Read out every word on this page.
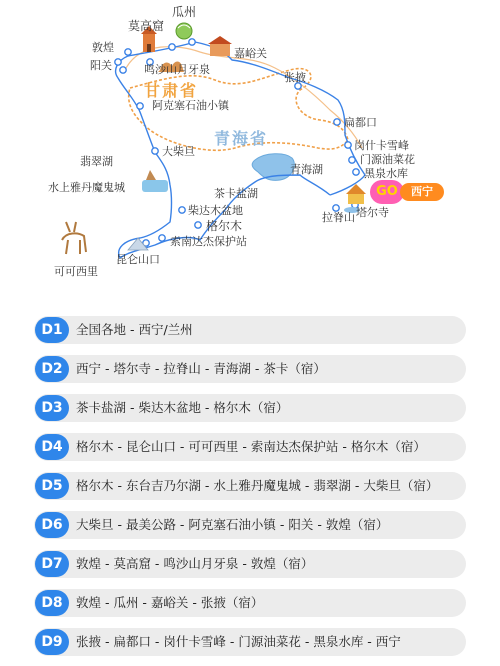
甘肃省
青海省
瓜州
莫高窟
敦煌	嘉峪关
阳关	鸣沙山月牙泉
张掖
阿克塞石油小镇
扁都口
岗什卡雪峰
门源油菜花
黑泉水库
翡翠湖
大柴旦
青海湖
水上雅丹魔鬼城	茶卡盐湖
柴达木盆地
格尔木
索南达杰保护站
昆仑山口
可可西里
拉脊山 塔尔寺
GO	西宁
D1	全国各地 - 西宁/兰州
D2	西宁 - 塔尔寺 - 拉脊山 - 青海湖 - 茶卡（宿）
D3	茶卡盐湖 - 柴达木盆地 - 格尔木（宿）
D4	格尔木 - 昆仑山口 - 可可西里 - 索南达杰保护站 - 格尔木（宿）
D5	格尔木 - 东台吉乃尔湖 - 水上雅丹魔鬼城 - 翡翠湖 - 大柴旦（宿）
D6	大柴旦 - 最美公路 - 阿克塞石油小镇 - 阳关 - 敦煌（宿）
D7	敦煌 - 莫高窟 - 鸣沙山月牙泉 - 敦煌（宿）
D8	敦煌 - 瓜州 - 嘉峪关 - 张掖（宿）
D9	张掖 - 扁都口 - 岗什卡雪峰 - 门源油菜花 - 黑泉水库 - 西宁
